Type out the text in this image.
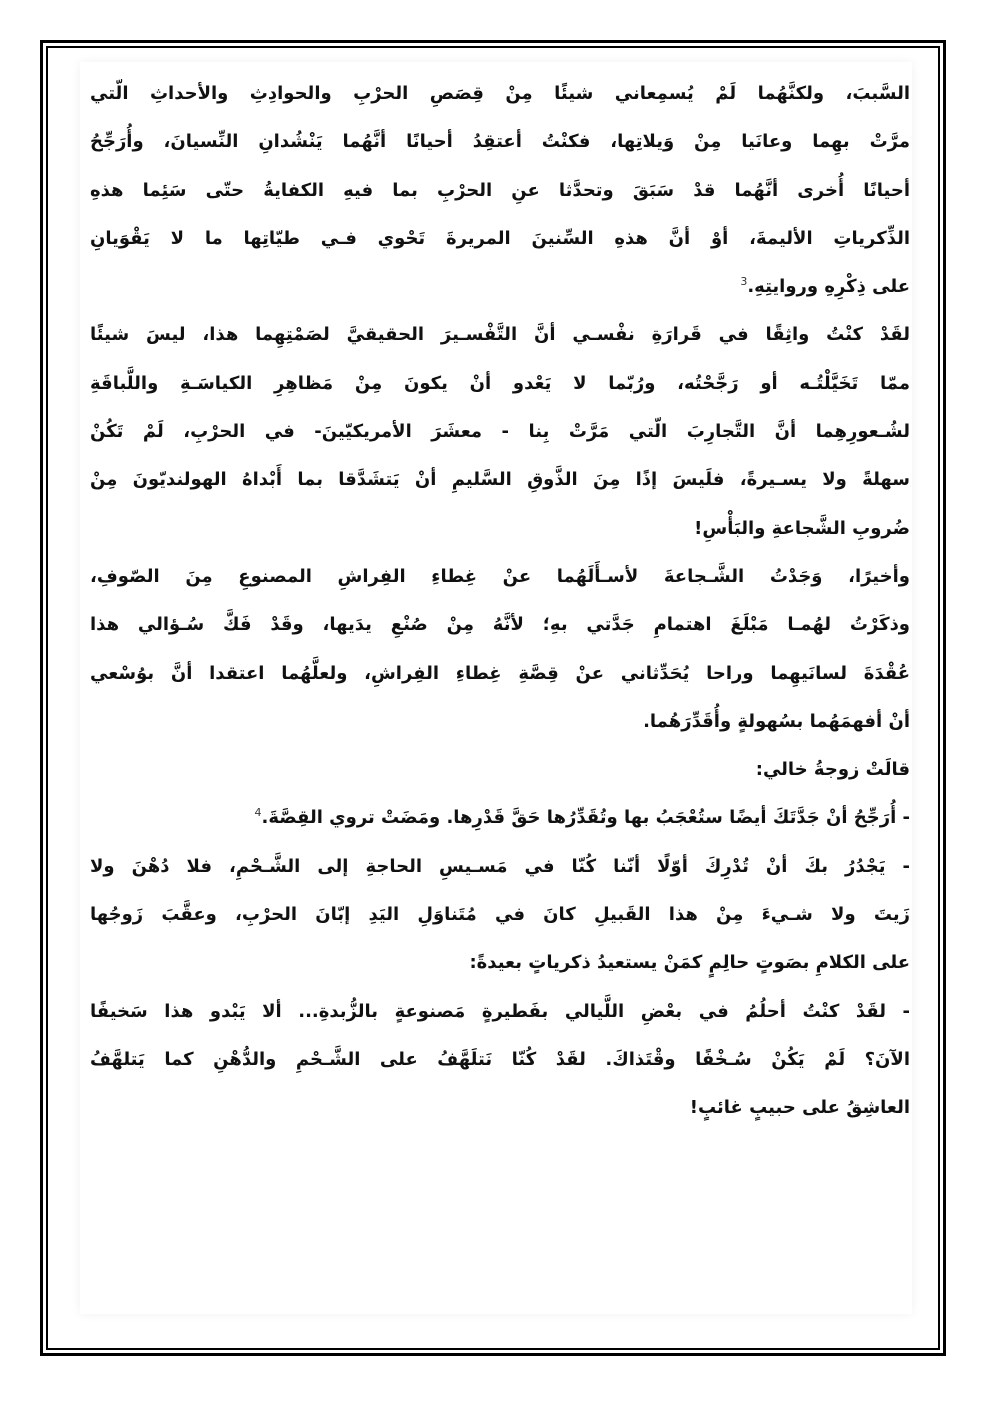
السَّببَ، ولكنَّهُما لَمْ يُسمِعاني شيئًا مِنْ قِصَصِ الحرْبِ والحوادِثِ والأحداثِ الّتي
مرَّتْ بهِما وعانَيا مِنْ وَيلاتِها، فكنْتُ أعتقِدُ أحيانًا أنَّهُما يَنْشُدانِ النِّسيانَ، وأُرَجِّحُ
أحيانًا أُخرى أنَّهُما قدْ سَبَقَ وتحدَّثا عنِ الحرْبِ بما فيهِ الكفايةُ حتّى سَئِما هذهِ
الذِّكرياتِ الأليمةَ، أوْ أنَّ هذهِ السِّنينَ المريرةَ تَحْوي فـي طيّاتِها ما لا يَقْوَيانِ
على ذِكْرِهِ وروايتِهِ.$^3$
لقَدْ كنْتُ واثِقًا في قَرارَةِ نفْسـي أنَّ التَّفْسـيرَ الحقيقيَّ لصَمْتِهِما هذا، ليسَ شيئًا
ممّا تَخَيَّلْتُـه أو رَجَّحْتُه، ورُبّما لا يَعْدو أنْ يكونَ مِنْ مَظاهِرِ الكياسَـةِ واللَّباقَةِ
لشُـعورِهِما أنَّ التَّجارِبَ الّتي مَرَّتْ بِنا - معشَرَ الأمريكيّينَ- في الحرْبِ، لَمْ تَكُنْ
سهلةً ولا يسـيرةً، فلَيسَ إذًا مِنَ الذَّوقِ السَّليمِ أنْ يَتشَدَّقا بما أَبْداهُ الهولنديّونَ مِنْ
ضُروبِ الشَّجاعةِ والبَأْسِ!
وأخيرًا، وَجَدْتُ الشَّـجاعةَ لأسـأَلَهُما عنْ غِطاءِ الفِراشِ المصنوعِ مِنَ الصّوفِ،
وذكَرْتُ لهُمـا مَبْلَغَ اهتمامِ جَدَّتي بهِ؛ لأنَّهُ مِنْ صُنْعِ يدَيها، وقَدْ فَكَّ سُـؤالي هذا
عُقْدَةَ لسانَيهِما وراحا يُحَدِّثاني عنْ قِصَّةِ غِطاءِ الفِراشِ، ولعلَّهُما اعتقدا أنَّ بوُسْعي
أنْ أفهمَهُما بسُهولةٍ وأُقَدِّرَهُما.
قالَتْ زوجةُ خالي:
- أُرَجِّحُ أنْ جَدَّتَكَ أيضًا ستُعْجَبُ بها وتُقَدِّرُها حَقَّ قَدْرِها. ومَضَتْ تروي القِصَّةَ.$^4$
- يَجْدُرُ بكَ أنْ تُدْرِكَ أوّلًا أنّنا كُنّا في مَسـيسِ الحاجةِ إلى الشَّـحْمِ، فلا دُهْنَ ولا
زَيتَ ولا شـيءَ مِنْ هذا القَبيلِ كانَ في مُتَناوَلِ اليَدِ إبّانَ الحرْبِ، وعقَّبَ زَوجُها
على الكلامِ بصَوتٍ حالِمٍ كمَنْ يستعيدُ ذكرياتٍ بعيدةً:
- لقَدْ كنْتُ أحلُمُ في بعْضِ اللَّيالي بفَطيرةٍ مَصنوعةٍ بالزُّبدةِ... ألا يَبْدو هذا سَخيفًا
الآنَ؟ لَمْ يَكُنْ سُـخْفًا وقْتَذاكَ. لقَدْ كُنّا نَتلَهَّفُ على الشَّـحْمِ والدُّهْنِ كما يَتلهَّفُ
العاشِقُ على حبيبٍ غائبٍ!
